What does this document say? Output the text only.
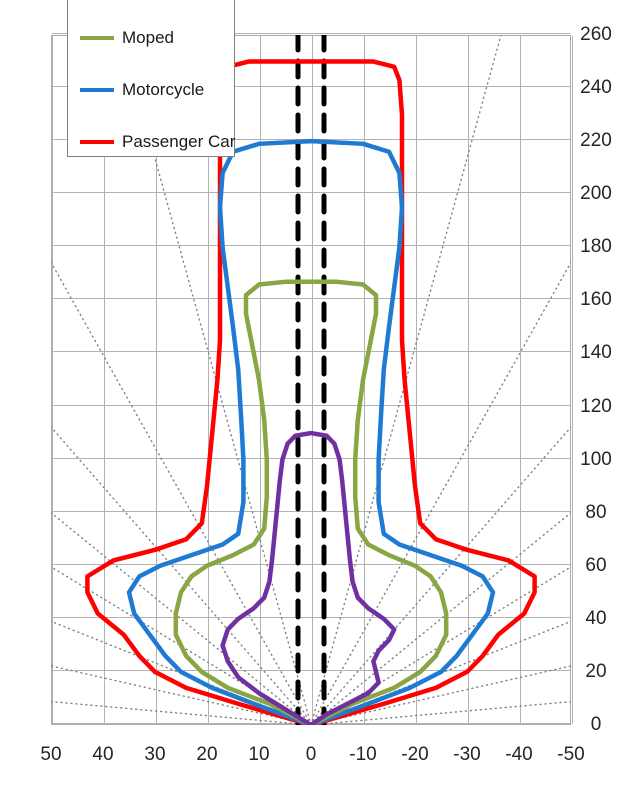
0
20
40
60
80
100
120
140
160
180
200
220
240
260
50	40	30	20	10	0	-10	-20	-30	-40	-50
Passenger Car
Motorcycle
Moped
